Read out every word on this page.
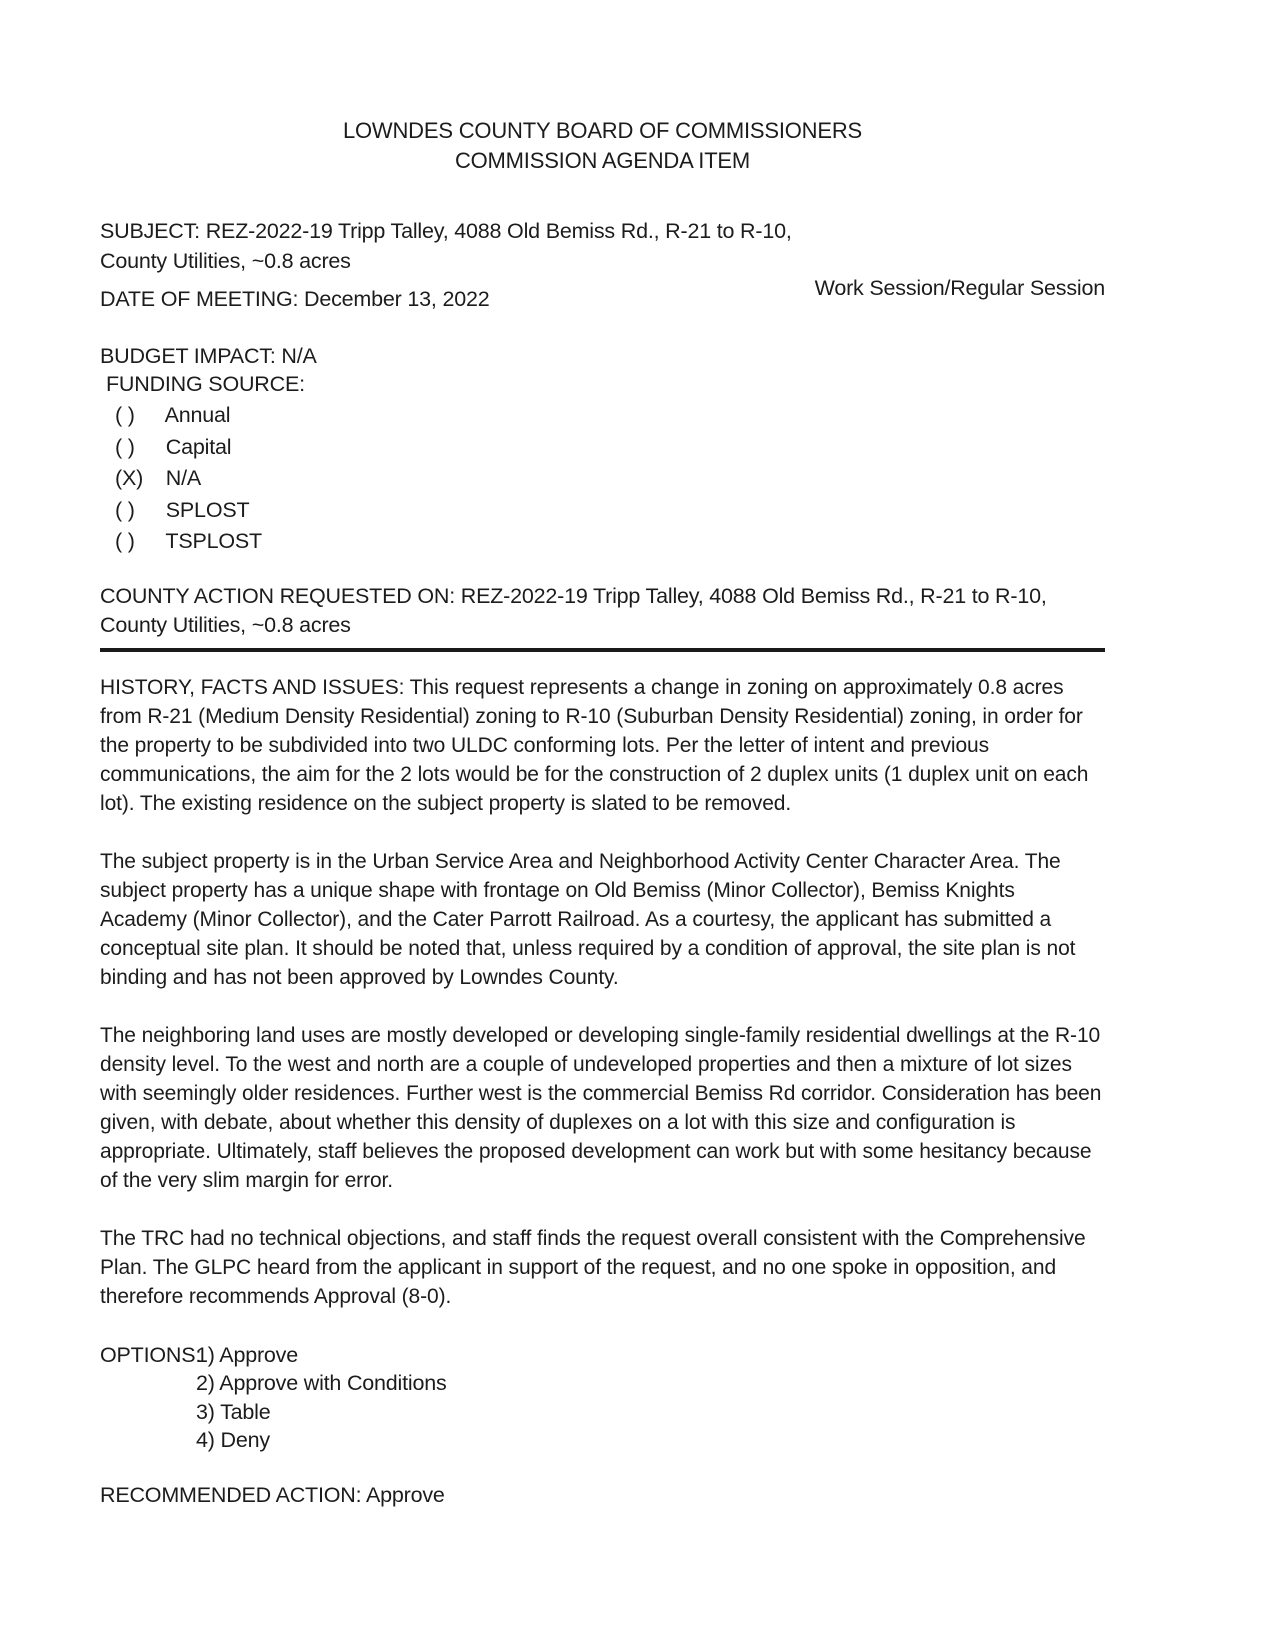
LOWNDES COUNTY BOARD OF COMMISSIONERS
COMMISSION AGENDA ITEM
SUBJECT: REZ-2022-19 Tripp Talley, 4088 Old Bemiss Rd., R-21 to R-10,
County Utilities, ~0.8 acres
DATE OF MEETING: December 13, 2022	Work Session/Regular Session
BUDGET IMPACT: N/A
FUNDING SOURCE:
( ) Annual
( ) Capital
(X) N/A
( ) SPLOST
( ) TSPLOST
COUNTY ACTION REQUESTED ON: REZ-2022-19 Tripp Talley, 4088 Old Bemiss Rd., R-21 to R-10, County Utilities, ~0.8 acres

HISTORY, FACTS AND ISSUES: This request represents a change in zoning on approximately 0.8 acres from R-21 (Medium Density Residential) zoning to R-10 (Suburban Density Residential) zoning, in order for the property to be subdivided into two ULDC conforming lots. Per the letter of intent and previous communications, the aim for the 2 lots would be for the construction of 2 duplex units (1 duplex unit on each lot). The existing residence on the subject property is slated to be removed.

The subject property is in the Urban Service Area and Neighborhood Activity Center Character Area. The subject property has a unique shape with frontage on Old Bemiss (Minor Collector), Bemiss Knights Academy (Minor Collector), and the Cater Parrott Railroad. As a courtesy, the applicant has submitted a conceptual site plan. It should be noted that, unless required by a condition of approval, the site plan is not binding and has not been approved by Lowndes County.

The neighboring land uses are mostly developed or developing single-family residential dwellings at the R-10 density level. To the west and north are a couple of undeveloped properties and then a mixture of lot sizes with seemingly older residences. Further west is the commercial Bemiss Rd corridor. Consideration has been given, with debate, about whether this density of duplexes on a lot with this size and configuration is appropriate. Ultimately, staff believes the proposed development can work but with some hesitancy because of the very slim margin for error.

The TRC had no technical objections, and staff finds the request overall consistent with the Comprehensive Plan. The GLPC heard from the applicant in support of the request, and no one spoke in opposition, and therefore recommends Approval (8-0).

OPTIONS:
1) Approve
2) Approve with Conditions
3) Table
4) Deny
RECOMMENDED ACTION: Approve
